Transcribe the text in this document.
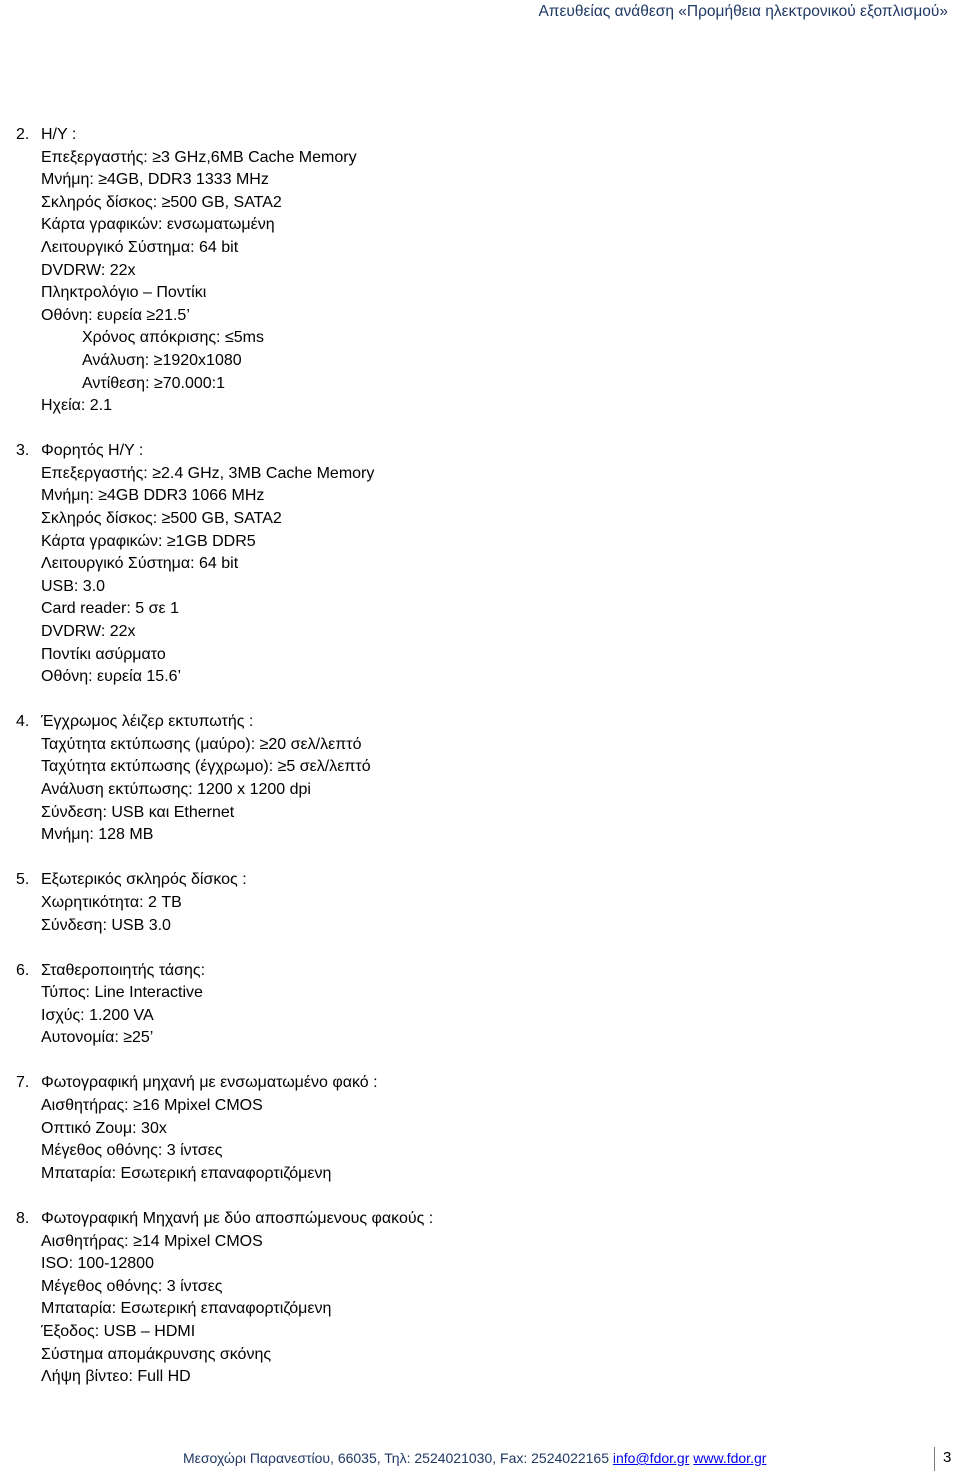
Απευθείας ανάθεση «Προμήθεια ηλεκτρονικού εξοπλισμού»
2. Η/Υ :
Επεξεργαστής: ≥3 GHz,6MB Cache Memory
Μνήμη: ≥4GB, DDR3 1333 MHz
Σκληρός δίσκος: ≥500 GB, SATA2
Κάρτα γραφικών: ενσωματωμένη
Λειτουργικό Σύστημα: 64 bit
DVDRW: 22x
Πληκτρολόγιο – Ποντίκι
Οθόνη: ευρεία ≥21.5’
Χρόνος απόκρισης: ≤5ms
Ανάλυση: ≥1920x1080
Αντίθεση: ≥70.000:1
Ηχεία: 2.1
3. Φορητός Η/Υ :
Επεξεργαστής: ≥2.4 GHz, 3MB Cache Memory
Μνήμη: ≥4GB DDR3 1066 MHz
Σκληρός δίσκος: ≥500 GB, SATA2
Κάρτα γραφικών: ≥1GB DDR5
Λειτουργικό Σύστημα: 64 bit
USB: 3.0
Card reader: 5 σε 1
DVDRW: 22x
Ποντίκι ασύρματο
Οθόνη: ευρεία 15.6’
4. Έγχρωμος λέιζερ εκτυπωτής :
Ταχύτητα εκτύπωσης (μαύρο): ≥20 σελ/λεπτό
Ταχύτητα εκτύπωσης (έγχρωμο): ≥5 σελ/λεπτό
Ανάλυση εκτύπωσης: 1200 x 1200 dpi
Σύνδεση: USB και Ethernet
Μνήμη: 128 MB
5. Εξωτερικός σκληρός δίσκος :
Χωρητικότητα: 2 TB
Σύνδεση: USB 3.0
6. Σταθεροποιητής τάσης:
Τύπος: Line Interactive
Ισχύς: 1.200 VA
Αυτονομία: ≥25’
7. Φωτογραφική μηχανή με ενσωματωμένο φακό :
Αισθητήρας: ≥16 Mpixel CMOS
Οπτικό Ζουμ: 30x
Μέγεθος οθόνης: 3 ίντσες
Μπαταρία: Εσωτερική επαναφορτιζόμενη
8. Φωτογραφική Μηχανή με δύο αποσπώμενους φακούς :
Αισθητήρας: ≥14 Mpixel CMOS
ISO: 100-12800
Μέγεθος οθόνης: 3 ίντσες
Μπαταρία: Εσωτερική επαναφορτιζόμενη
Έξοδος: USB – HDMI
Σύστημα απομάκρυνσης σκόνης
Λήψη βίντεο: Full HD
Μεσοχώρι Παρανεστίου, 66035, Τηλ: 2524021030, Fax: 2524022165 info@fdor.gr www.fdor.gr	3
